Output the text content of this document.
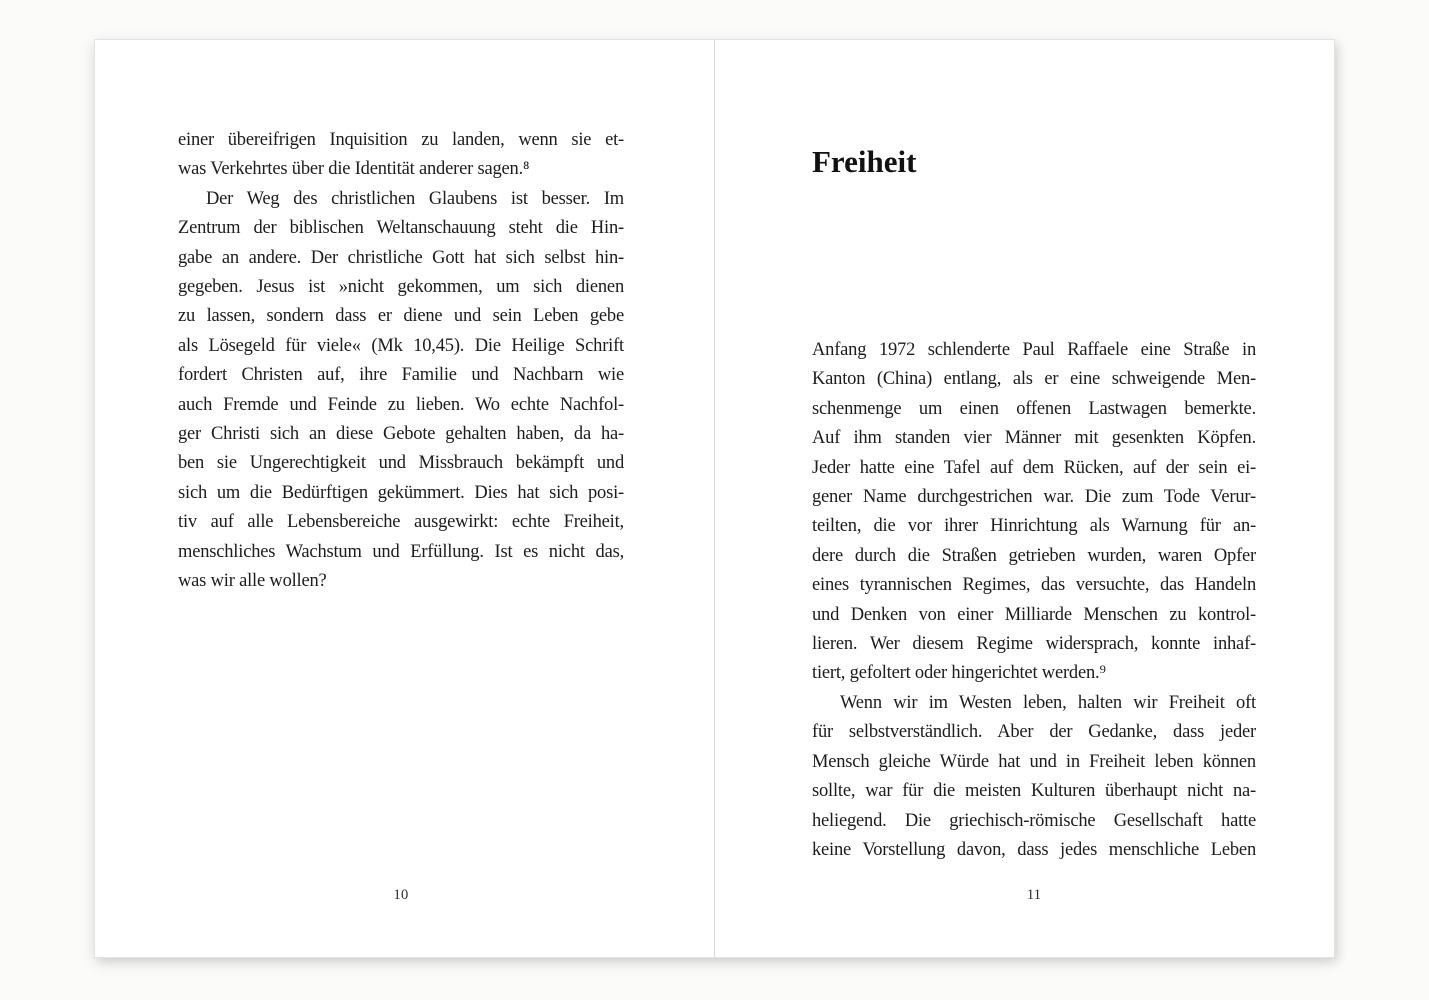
einer übereifrigen Inquisition zu landen, wenn sie et-
was Verkehrtes über die Identität anderer sagen.⁸
Der Weg des christlichen Glaubens ist besser. Im
Zentrum der biblischen Weltanschauung steht die Hin-
gabe an andere. Der christliche Gott hat sich selbst hin-
gegeben. Jesus ist »nicht gekommen, um sich dienen
zu lassen, sondern dass er diene und sein Leben gebe
als Lösegeld für viele« (Mk 10,45). Die Heilige Schrift
fordert Christen auf, ihre Familie und Nachbarn wie
auch Fremde und Feinde zu lieben. Wo echte Nachfol-
ger Christi sich an diese Gebote gehalten haben, da ha-
ben sie Ungerechtigkeit und Missbrauch bekämpft und
sich um die Bedürftigen gekümmert. Dies hat sich posi-
tiv auf alle Lebensbereiche ausgewirkt: echte Freiheit,
menschliches Wachstum und Erfüllung. Ist es nicht das,
was wir alle wollen?
10
Freiheit
Anfang 1972 schlenderte Paul Raffaele eine Straße in
Kanton (China) entlang, als er eine schweigende Men-
schenmenge um einen offenen Lastwagen bemerkte.
Auf ihm standen vier Männer mit gesenkten Köpfen.
Jeder hatte eine Tafel auf dem Rücken, auf der sein ei-
gener Name durchgestrichen war. Die zum Tode Verur-
teilten, die vor ihrer Hinrichtung als Warnung für an-
dere durch die Straßen getrieben wurden, waren Opfer
eines tyrannischen Regimes, das versuchte, das Handeln
und Denken von einer Milliarde Menschen zu kontrol-
lieren. Wer diesem Regime widersprach, konnte inhaf-
tiert, gefoltert oder hingerichtet werden.⁹
Wenn wir im Westen leben, halten wir Freiheit oft
für selbstverständlich. Aber der Gedanke, dass jeder
Mensch gleiche Würde hat und in Freiheit leben können
sollte, war für die meisten Kulturen überhaupt nicht na-
heliegend. Die griechisch-römische Gesellschaft hatte
keine Vorstellung davon, dass jedes menschliche Leben
11
